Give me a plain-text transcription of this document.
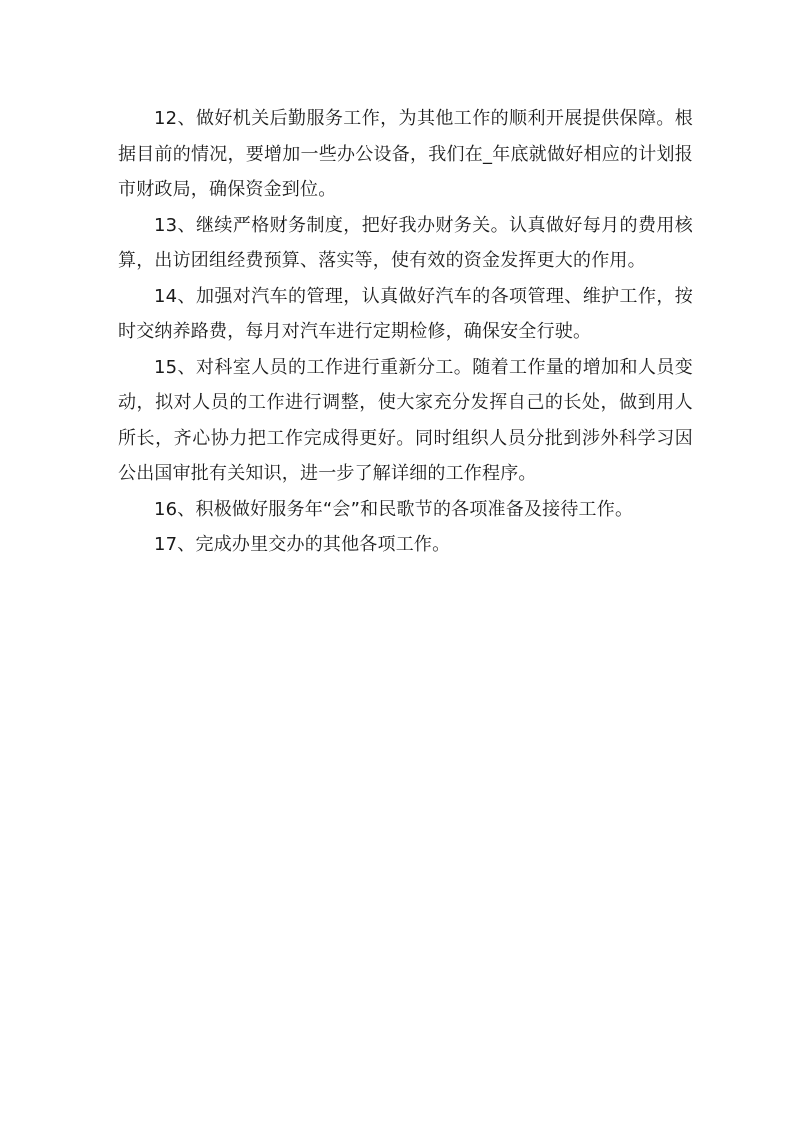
12、做好机关后勤服务工作，为其他工作的顺利开展提供保障。根据目前的情况，要增加一些办公设备，我们在_年底就做好相应的计划报市财政局，确保资金到位。

13、继续严格财务制度，把好我办财务关。认真做好每月的费用核算，出访团组经费预算、落实等，使有效的资金发挥更大的作用。

14、加强对汽车的管理，认真做好汽车的各项管理、维护工作，按时交纳养路费，每月对汽车进行定期检修，确保安全行驶。

15、对科室人员的工作进行重新分工。随着工作量的增加和人员变动，拟对人员的工作进行调整，使大家充分发挥自己的长处，做到用人所长，齐心协力把工作完成得更好。同时组织人员分批到涉外科学习因公出国审批有关知识，进一步了解详细的工作程序。

16、积极做好服务年“会”和民歌节的各项准备及接待工作。

17、完成办里交办的其他各项工作。
